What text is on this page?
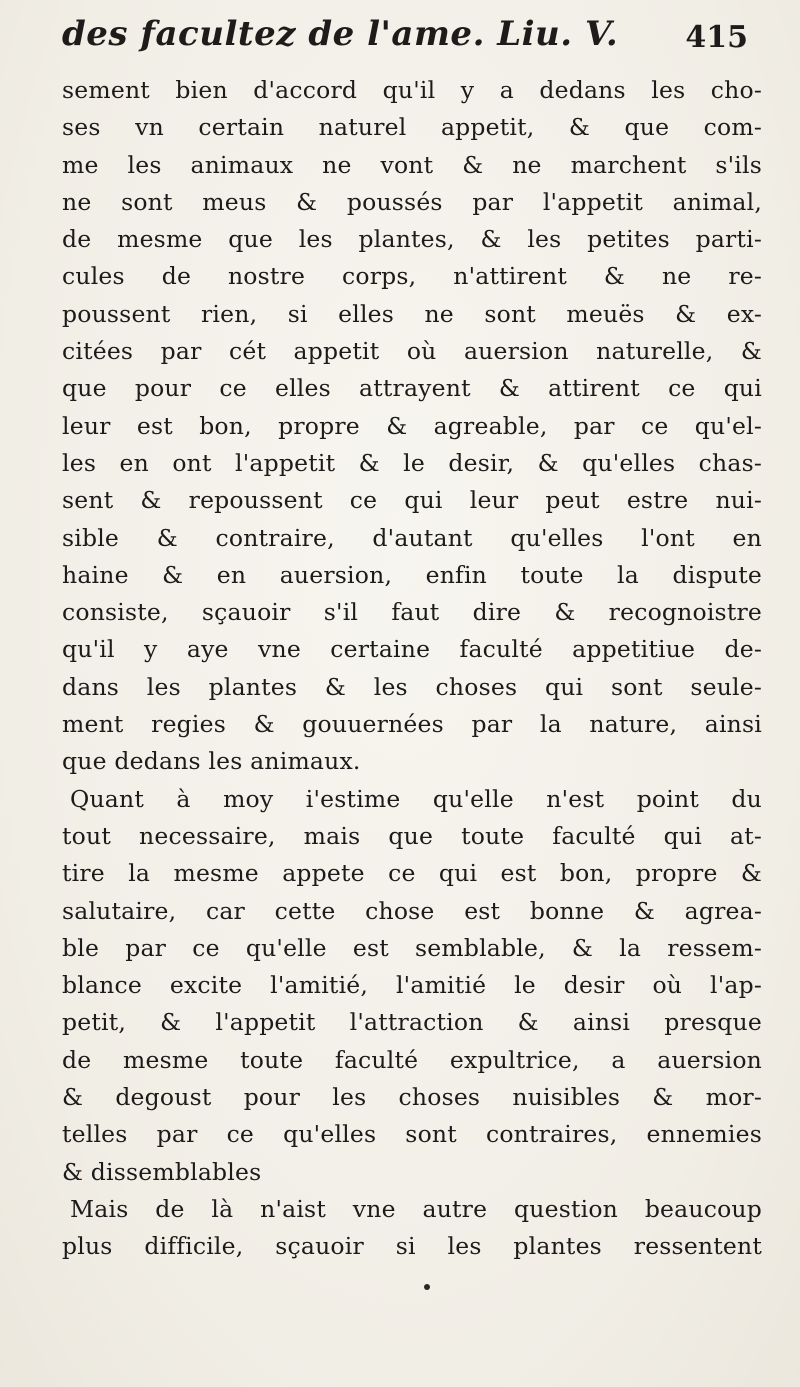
des facultez de l'ame. Liu. V. 415
sement bien d'accord qu'il y a dedans les cho-
ses vn certain naturel appetit, & que com-
me les animaux ne vont & ne marchent s'ils
ne sont meus & poussés par l'appetit animal,
de mesme que les plantes, & les petites parti-
cules de nostre corps, n'attirent & ne re-
poussent rien, si elles ne sont meuës & ex-
citées par cét appetit où auersion naturelle, &
que pour ce elles attrayent & attirent ce qui
leur est bon, propre & agreable, par ce qu'el-
les en ont l'appetit & le desir, & qu'elles chas-
sent & repoussent ce qui leur peut estre nui-
sible & contraire, d'autant qu'elles l'ont en
haine & en auersion, enfin toute la dispute
consiste, sçauoir s'il faut dire & recognoistre
qu'il y aye vne certaine faculté appetitiue de-
dans les plantes & les choses qui sont seule-
ment regies & gouuernées par la nature, ainsi
que dedans les animaux.
Quant à moy i'estime qu'elle n'est point du
tout necessaire, mais que toute faculté qui at-
tire la mesme appete ce qui est bon, propre &
salutaire, car cette chose est bonne & agrea-
ble par ce qu'elle est semblable, & la ressem-
blance excite l'amitié, l'amitié le desir où l'ap-
petit, & l'appetit l'attraction & ainsi presque
de mesme toute faculté expultrice, a auersion
& degoust pour les choses nuisibles & mor-
telles par ce qu'elles sont contraires, ennemies
& dissemblables
Mais de là n'aist vne autre question beaucoup
plus difficile, sçauoir si les plantes ressentent
